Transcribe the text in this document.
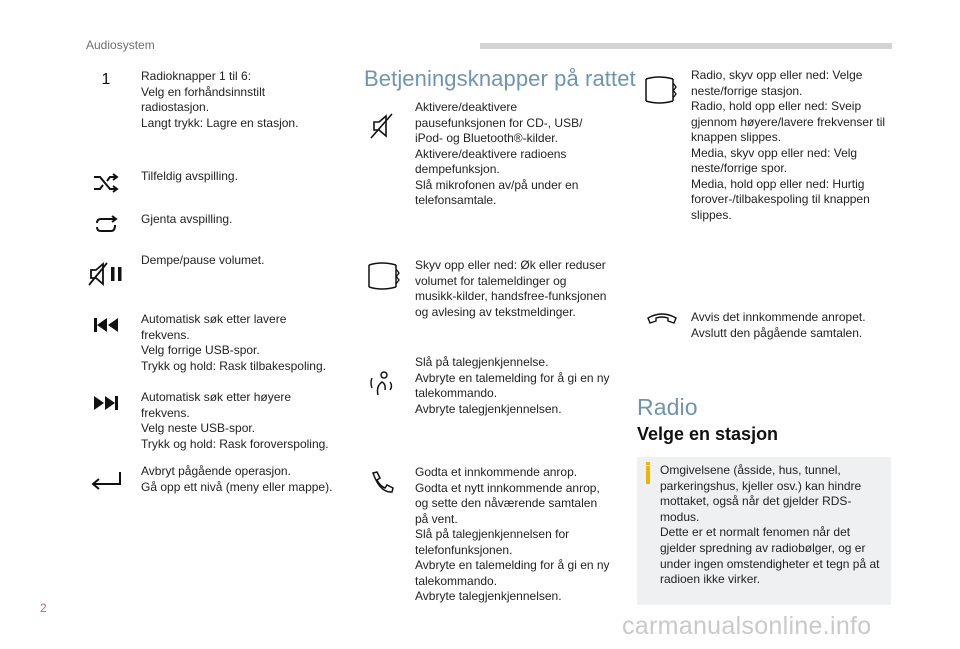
Audiosystem
1	Radioknapper 1 til 6:
Velg en forhåndsinnstilt
radiostasjon.
Langt trykk: Lagre en stasjon.
Tilfeldig avspilling.
Gjenta avspilling.
Dempe/pause volumet.
Automatisk søk etter lavere
frekvens.
Velg forrige USB-spor.
Trykk og hold: Rask tilbakespoling.
Automatisk søk etter høyere
frekvens.
Velg neste USB-spor.
Trykk og hold: Rask foroverspoling.
Avbryt pågående operasjon.
Gå opp ett nivå (meny eller mappe).
Betjeningsknapper på rattet
Aktivere/deaktivere
pausefunksjonen for CD-, USB/
iPod- og Bluetooth®-kilder.
Aktivere/deaktivere radioens
dempefunksjon.
Slå mikrofonen av/på under en
telefonsamtale.
Skyv opp eller ned: Øk eller reduser
volumet for talemeldinger og
musikk-kilder, handsfree-funksjonen
og avlesing av tekstmeldinger.
Slå på talegjenkjennelse.
Avbryte en talemelding for å gi en ny
talekommando.
Avbryte talegjenkjennelsen.
Godta et innkommende anrop.
Godta et nytt innkommende anrop,
og sette den nåværende samtalen
på vent.
Slå på talegjenkjennelsen for
telefonfunksjonen.
Avbryte en talemelding for å gi en ny
talekommando.
Avbryte talegjenkjennelsen.
Radio, skyv opp eller ned: Velge
neste/forrige stasjon.
Radio, hold opp eller ned: Sveip
gjennom høyere/lavere frekvenser til
knappen slippes.
Media, skyv opp eller ned: Velg
neste/forrige spor.
Media, hold opp eller ned: Hurtig
forover-/tilbakespoling til knappen
slippes.
Avvis det innkommende anropet.
Avslutt den pågående samtalen.
Radio
Velge en stasjon
Omgivelsene (åsside, hus, tunnel,
parkeringshus, kjeller osv.) kan hindre
mottaket, også når det gjelder RDS-
modus.
Dette er et normalt fenomen når det
gjelder spredning av radiobølger, og er
under ingen omstendigheter et tegn på at
radioen ikke virker.
2
carmanualsonline.info
